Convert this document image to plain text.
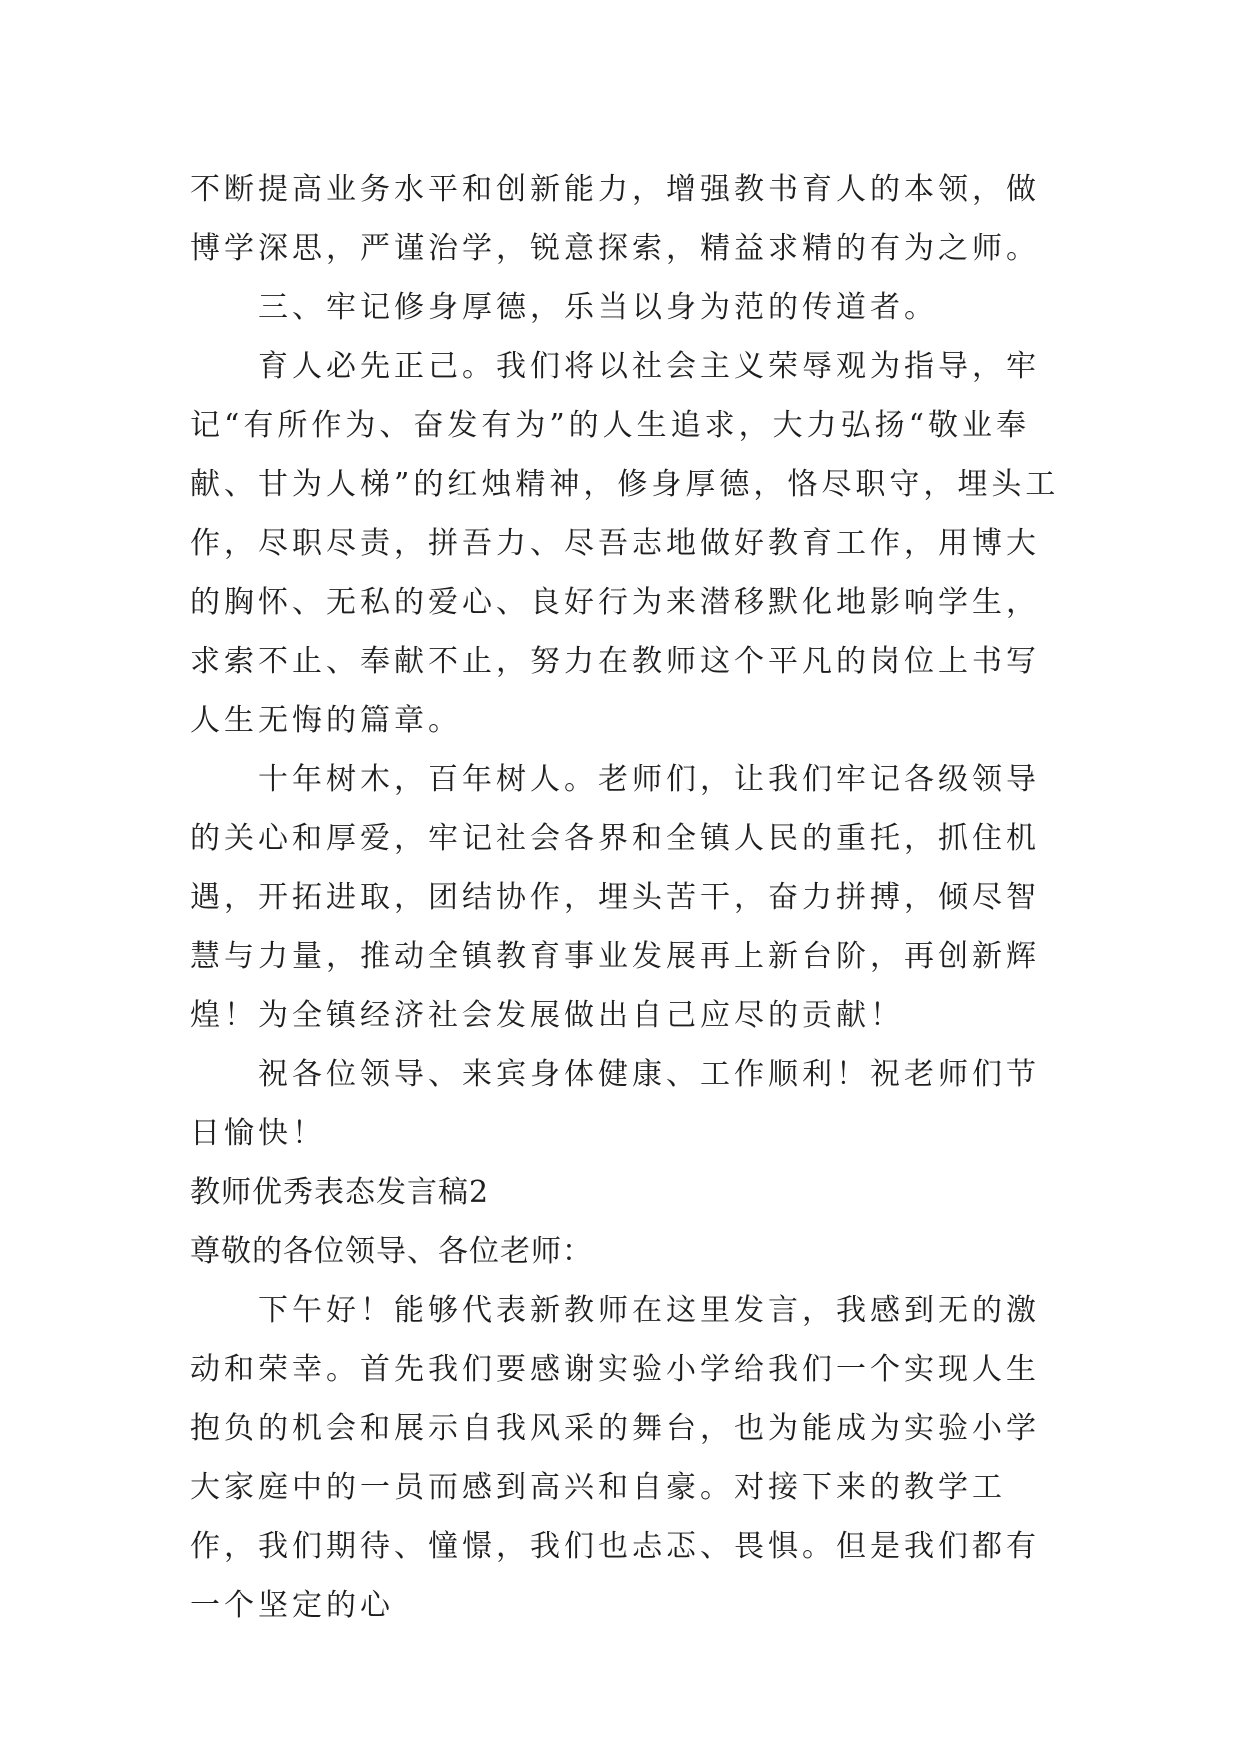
不断提高业务水平和创新能力，增强教书育人的本领，做博学深思，严谨治学，锐意探索，精益求精的有为之师。

三、牢记修身厚德，乐当以身为范的传道者。

育人必先正己。我们将以社会主义荣辱观为指导，牢记“有所作为、奋发有为”的人生追求，大力弘扬“敬业奉献、甘为人梯”的红烛精神，修身厚德，恪尽职守，埋头工作，尽职尽责，拼吾力、尽吾志地做好教育工作，用博大的胸怀、无私的爱心、良好行为来潜移默化地影响学生，求索不止、奉献不止，努力在教师这个平凡的岗位上书写人生无悔的篇章。

十年树木，百年树人。老师们，让我们牢记各级领导的关心和厚爱，牢记社会各界和全镇人民的重托，抓住机遇，开拓进取，团结协作，埋头苦干，奋力拼搏，倾尽智慧与力量，推动全镇教育事业发展再上新台阶，再创新辉煌！为全镇经济社会发展做出自己应尽的贡献！

祝各位领导、来宾身体健康、工作顺利！祝老师们节日愉快！

教师优秀表态发言稿2

尊敬的各位领导、各位老师：

下午好！能够代表新教师在这里发言，我感到无的激动和荣幸。首先我们要感谢实验小学给我们一个实现人生抱负的机会和展示自我风采的舞台，也为能成为实验小学大家庭中的一员而感到高兴和自豪。对接下来的教学工作，我们期待、憧憬，我们也忐忑、畏惧。但是我们都有一个坚定的心
